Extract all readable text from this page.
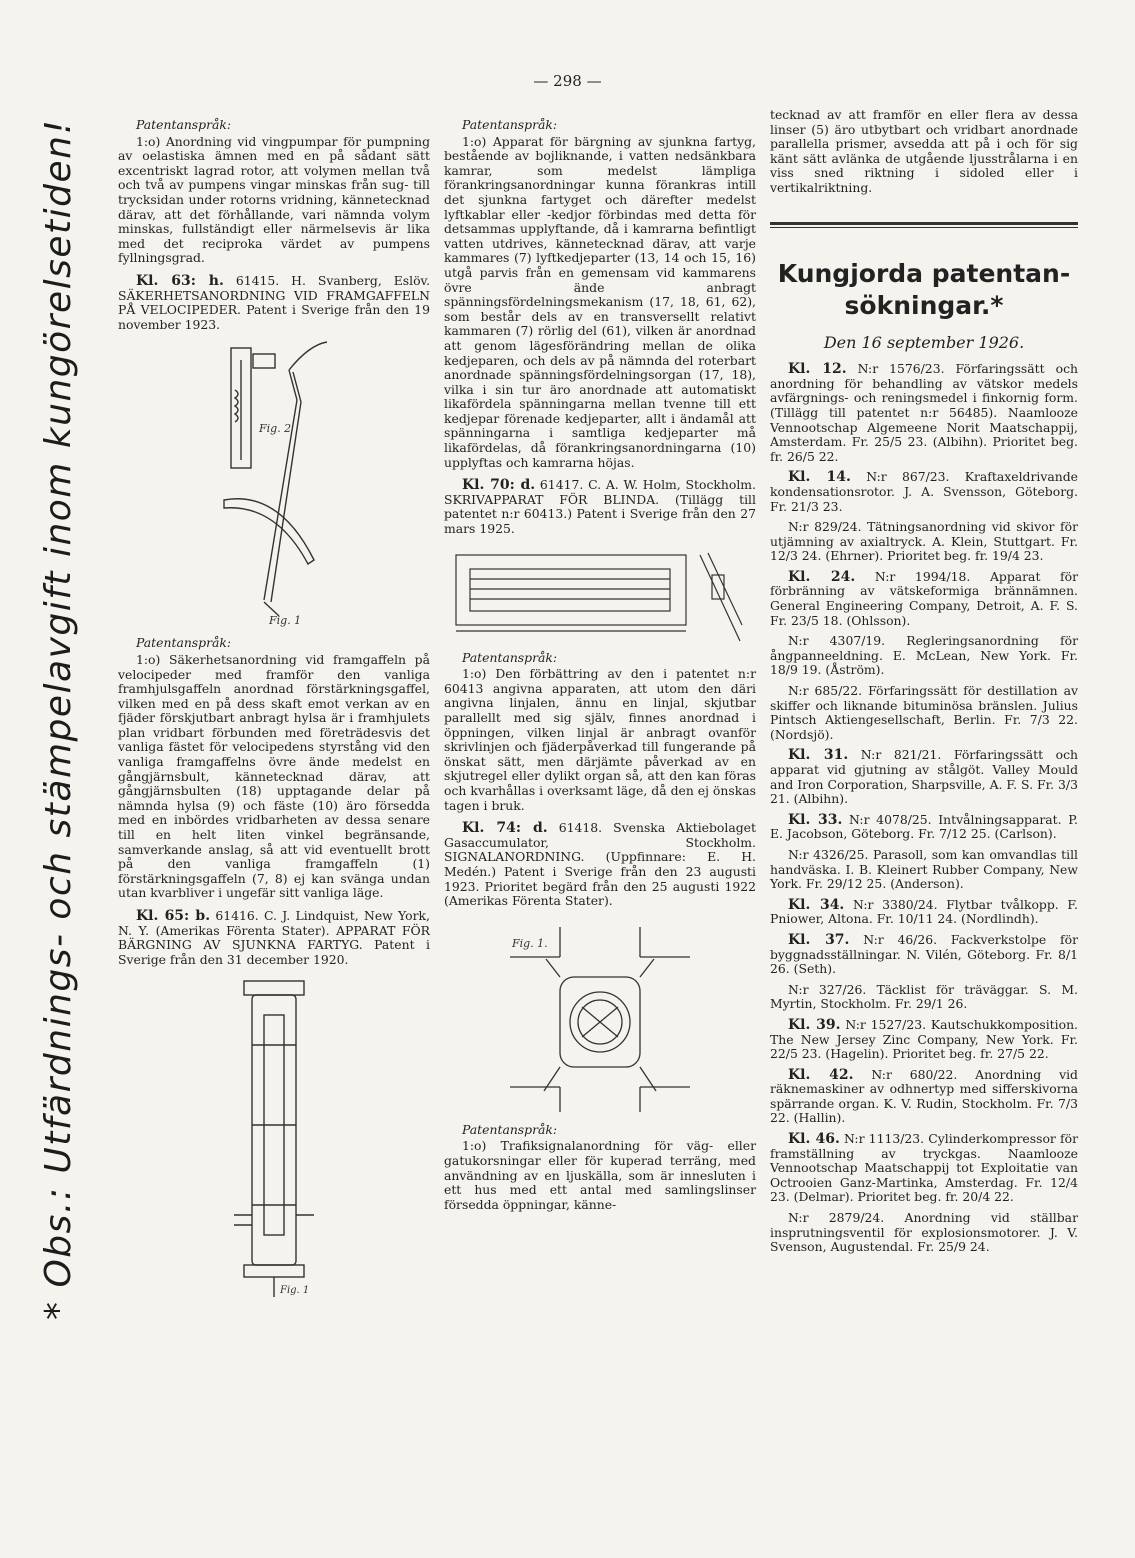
— 298 —
* Obs.: Utfärdnings- och stämpelavgift inom kungörelsetiden!	Patentanspråk:

1:o) Anordning vid vingpumpar för pumpning av oelastiska ämnen med en på sådant sätt excentriskt lagrad rotor, att volymen mellan två och två av pumpens vingar minskas från sug- till trycksidan under rotorns vridning, kännetecknad därav, att det förhållande, vari nämnda volym minskas, fullständigt eller närmelsevis är lika med det reciproka värdet av pumpens fyllningsgrad.

Kl. 63: h. 61415. H. Svanberg, Eslöv. SÄKERHETSANORDNING VID FRAMGAFFELN PÅ VELOCIPEDER. Patent i Sverige från den 19 november 1923.

Fig. 2
Fig. 1

Patentanspråk:

1:o) Säkerhetsanordning vid framgaffeln på velocipeder med framför den vanliga framhjulsgaffeln anordnad förstärkningsgaffel, vilken med en på dess skaft emot verkan av en fjäder förskjutbart anbragt hylsa är i framhjulets plan vridbart förbunden med företrädesvis det vanliga fästet för velocipedens styrstång vid den vanliga framgaffelns övre ände medelst en gångjärnsbult, kännetecknad därav, att gångjärnsbulten (18) upptagande delar på nämnda hylsa (9) och fäste (10) äro försedda med en inbördes vridbarheten av dessa senare till en helt liten vinkel begränsande, samverkande anslag, så att vid eventuellt brott på den vanliga framgaffeln (1) förstärkningsgaffeln (7, 8) ej kan svänga undan utan kvarbliver i ungefär sitt vanliga läge.

Kl. 65: b. 61416. C. J. Lindquist, New York, N. Y. (Amerikas Förenta Stater). APPARAT FÖR BÄRGNING AV SJUNKNA FARTYG. Patent i Sverige från den 31 december 1920.

Fig. 1

Patentanspråk:

1:o) Apparat för bärgning av sjunkna fartyg, bestående av bojliknande, i vatten nedsänkbara kamrar, som medelst lämpliga förankringsanordningar kunna förankras intill det sjunkna fartyget och därefter medelst lyftkablar eller -kedjor förbindas med detta för detsammas upplyftande, då i kamrarna befintligt vatten utdrives, kännetecknad därav, att varje kammares (7) lyftkedjeparter (13, 14 och 15, 16) utgå parvis från en gemensam vid kammarens övre ände anbragt spänningsfördelningsmekanism (17, 18, 61, 62), som består dels av en transversellt relativt kammaren (7) rörlig del (61), vilken är anordnad att genom lägesförändring mellan de olika kedjeparen, och dels av på nämnda del roterbart anordnade spänningsfördelningsorgan (17, 18), vilka i sin tur äro anordnade att automatiskt likafördela spänningarna mellan tvenne till ett kedjepar förenade kedjeparter, allt i ändamål att spänningarna i samtliga kedjeparter må likafördelas, då förankringsanordningarna (10) upplyftas och kamrarna höjas.

Kl. 70: d. 61417. C. A. W. Holm, Stockholm. SKRIVAPPARAT FÖR BLINDA. (Tillägg till patentet n:r 60413.) Patent i Sverige från den 27 mars 1925.

Patentanspråk:

1:o) Den förbättring av den i patentet n:r 60413 angivna apparaten, att utom den däri angivna linjalen, ännu en linjal, skjutbar parallellt med sig själv, finnes anordnad i öppningen, vilken linjal är anbragt ovanför skrivlinjen och fjäderpåverkad till fungerande på önskat sätt, men därjämte påverkad av en skjutregel eller dylikt organ så, att den kan föras och kvarhållas i overksamt läge, då den ej önskas tagen i bruk.

Kl. 74: d. 61418. Svenska Aktiebolaget Gasaccumulator, Stockholm. SIGNALANORDNING. (Uppfinnare: E. H. Medén.) Patent i Sverige från den 23 augusti 1923. Prioritet begärd från den 25 augusti 1922 (Amerikas Förenta Stater).

Fig. 1.

Patentanspråk:

1:o) Trafiksignalanordning för väg- eller gatukorsningar eller för kuperad terräng, med användning av en ljuskälla, som är innesluten i ett hus med ett antal med samlingslinser försedda öppningar, känne-

tecknad av att framför en eller flera av dessa linser (5) äro utbytbart och vridbart anordnade parallella prismer, avsedda att på i och för sig känt sätt avlänka de utgående ljusstrålarna i en viss sned riktning i sidoled eller i vertikalriktning.

Kungjorda patentan-
sökningar.*

Den 16 september 1926.

Kl. 12. N:r 1576/23. Förfaringssätt och anordning för behandling av vätskor medels avfärgnings- och reningsmedel i finkornig form. (Tillägg till patentet n:r 56485). Naamlooze Vennootschap Algemeene Norit Maatschappij, Amsterdam. Fr. 25/5 23. (Albihn). Prioritet beg. fr. 26/5 22.

Kl. 14. N:r 867/23. Kraftaxeldrivande kondensationsrotor. J. A. Svensson, Göteborg. Fr. 21/3 23.

N:r 829/24. Tätningsanordning vid skivor för utjämning av axialtryck. A. Klein, Stuttgart. Fr. 12/3 24. (Ehrner). Prioritet beg. fr. 19/4 23.

Kl. 24. N:r 1994/18. Apparat för förbränning av vätskeformiga brännämnen. General Engineering Company, Detroit, A. F. S. Fr. 23/5 18. (Ohlsson).

N:r 4307/19. Regleringsanordning för ångpanneeldning. E. McLean, New York. Fr. 18/9 19. (Åström).

N:r 685/22. Förfaringssätt för destillation av skiffer och liknande bituminösa bränslen. Julius Pintsch Aktiengesellschaft, Berlin. Fr. 7/3 22. (Nordsjö).

Kl. 31. N:r 821/21. Förfaringssätt och apparat vid gjutning av stålgöt. Valley Mould and Iron Corporation, Sharpsville, A. F. S. Fr. 3/3 21. (Albihn).

Kl. 33. N:r 4078/25. Intvålningsapparat. P. E. Jacobson, Göteborg. Fr. 7/12 25. (Carlson).

N:r 4326/25. Parasoll, som kan omvandlas till handväska. I. B. Kleinert Rubber Company, New York. Fr. 29/12 25. (Anderson).

Kl. 34. N:r 3380/24. Flytbar tvålkopp. F. Pniower, Altona. Fr. 10/11 24. (Nordlindh).

Kl. 37. N:r 46/26. Fackverkstolpe för byggnadsställningar. N. Vilén, Göteborg. Fr. 8/1 26. (Seth).

N:r 327/26. Täcklist för träväggar. S. M. Myrtin, Stockholm. Fr. 29/1 26.

Kl. 39. N:r 1527/23. Kautschukkomposition. The New Jersey Zinc Company, New York. Fr. 22/5 23. (Hagelin). Prioritet beg. fr. 27/5 22.

Kl. 42. N:r 680/22. Anordning vid räknemaskiner av odhnertyp med sifferskivorna spärrande organ. K. V. Rudin, Stockholm. Fr. 7/3 22. (Hallin).

Kl. 46. N:r 1113/23. Cylinderkompressor för framställning av tryckgas. Naamlooze Vennootschap Maatschappij tot Exploitatie van Octrooien Ganz-Martinka, Amsterdag. Fr. 12/4 23. (Delmar). Prioritet beg. fr. 20/4 22.

N:r 2879/24. Anordning vid ställbar insprutningsventil för explosionsmotorer. J. V. Svenson, Augustendal. Fr. 25/9 24.
